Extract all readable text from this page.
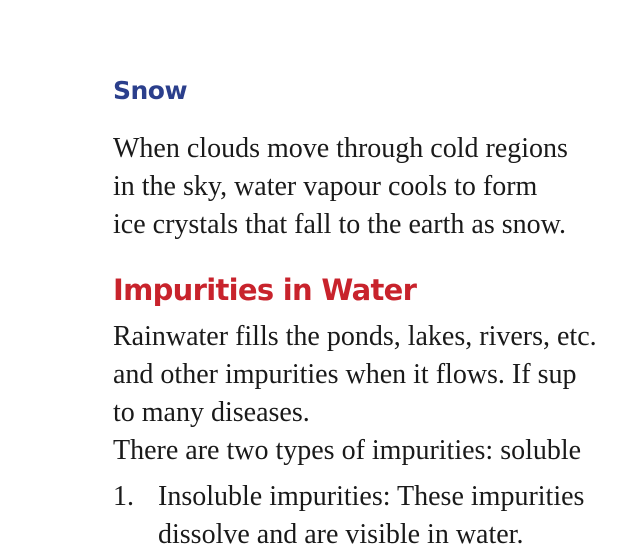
Snow

When clouds move through cold regions
in the sky, water vapour cools to form
ice crystals that fall to the earth as snow.

Impurities in Water

Rainwater fills the ponds, lakes, rivers, etc.
and other impurities when it flows. If sup
to many diseases.
There are two types of impurities: soluble

1. Insoluble impurities: These impurities
dissolve and are visible in water.
